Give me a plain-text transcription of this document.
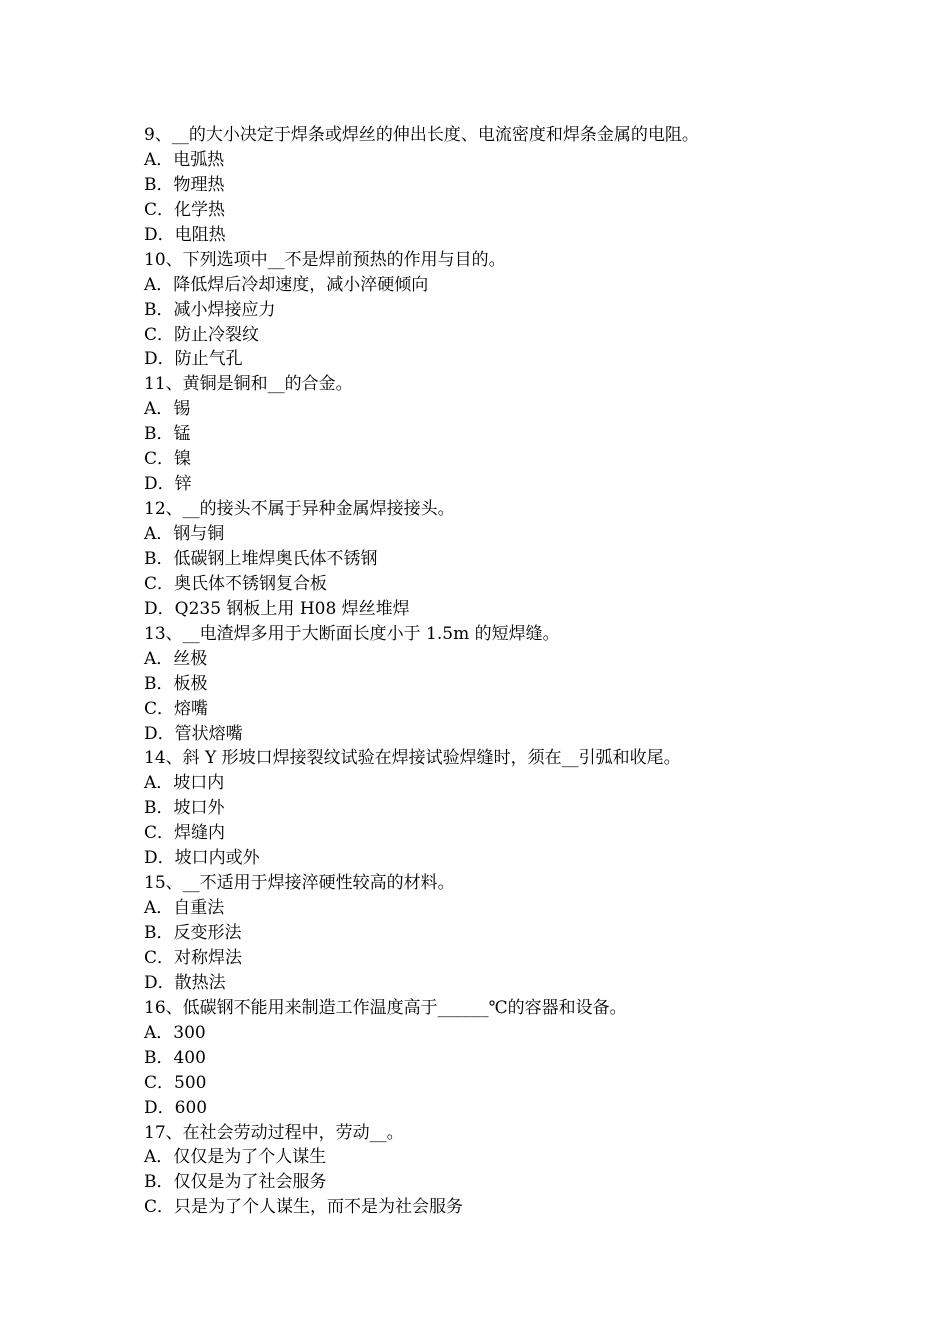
9、__的大小决定于焊条或焊丝的伸出长度、电流密度和焊条金属的电阻。
A．电弧热
B．物理热
C．化学热
D．电阻热
10、下列选项中__不是焊前预热的作用与目的。
A．降低焊后冷却速度，减小淬硬倾向
B．减小焊接应力
C．防止冷裂纹
D．防止气孔
11、黄铜是铜和__的合金。
A．锡
B．锰
C．镍
D．锌
12、__的接头不属于异种金属焊接接头。
A．钢与铜
B．低碳钢上堆焊奥氏体不锈钢
C．奥氏体不锈钢复合板
D．Q235 钢板上用 H08 焊丝堆焊
13、__电渣焊多用于大断面长度小于 1.5m 的短焊缝。
A．丝极
B．板极
C．熔嘴
D．管状熔嘴
14、斜 Y 形坡口焊接裂纹试验在焊接试验焊缝时，须在__引弧和收尾。
A．坡口内
B．坡口外
C．焊缝内
D．坡口内或外
15、__不适用于焊接淬硬性较高的材料。
A．自重法
B．反变形法
C．对称焊法
D．散热法
16、低碳钢不能用来制造工作温度高于______℃的容器和设备。
A．300
B．400
C．500
D．600
17、在社会劳动过程中，劳动__。
A．仅仅是为了个人谋生
B．仅仅是为了社会服务
C．只是为了个人谋生，而不是为社会服务
